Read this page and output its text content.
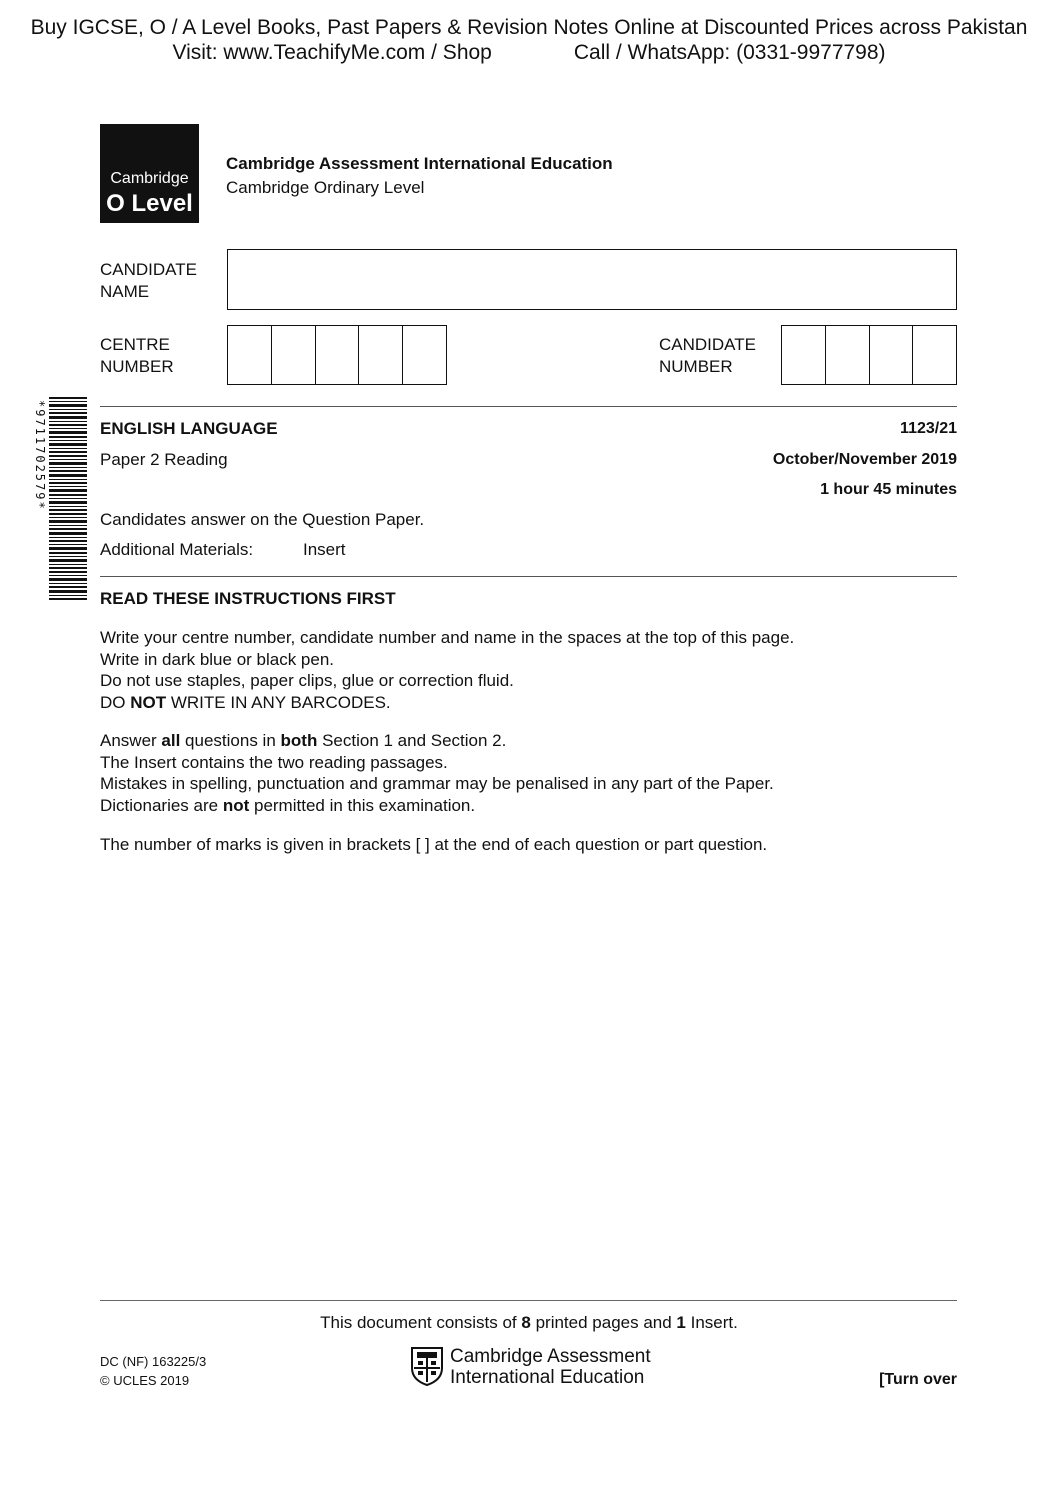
Buy IGCSE, O / A Level Books, Past Papers & Revision Notes Online at Discounted Prices across Pakistan
Visit: www.TeachifyMe.com / Shop	Call / WhatsApp: (0331-9977798)
Cambridge
O Level
Cambridge Assessment International Education
Cambridge Ordinary Level
CANDIDATE
NAME
CENTRE
NUMBER
CANDIDATE
NUMBER
*9711702579*	ENGLISH LANGUAGE	1123/21
Paper 2 Reading	October/November 2019
1 hour 45 minutes
Candidates answer on the Question Paper.
Additional Materials:	Insert
READ THESE INSTRUCTIONS FIRST

Write your centre number, candidate number and name in the spaces at the top of this page.

Write in dark blue or black pen.

Do not use staples, paper clips, glue or correction fluid.

DO NOT WRITE IN ANY BARCODES.

Answer all questions in both Section 1 and Section 2.

The Insert contains the two reading passages.

Mistakes in spelling, punctuation and grammar may be penalised in any part of the Paper.

Dictionaries are not permitted in this examination.

The number of marks is given in brackets [ ] at the end of each question or part question.

This document consists of 8 printed pages and 1 Insert.
DC (NF) 163225/3
© UCLES 2019
Cambridge Assessment
International Education	[Turn over
